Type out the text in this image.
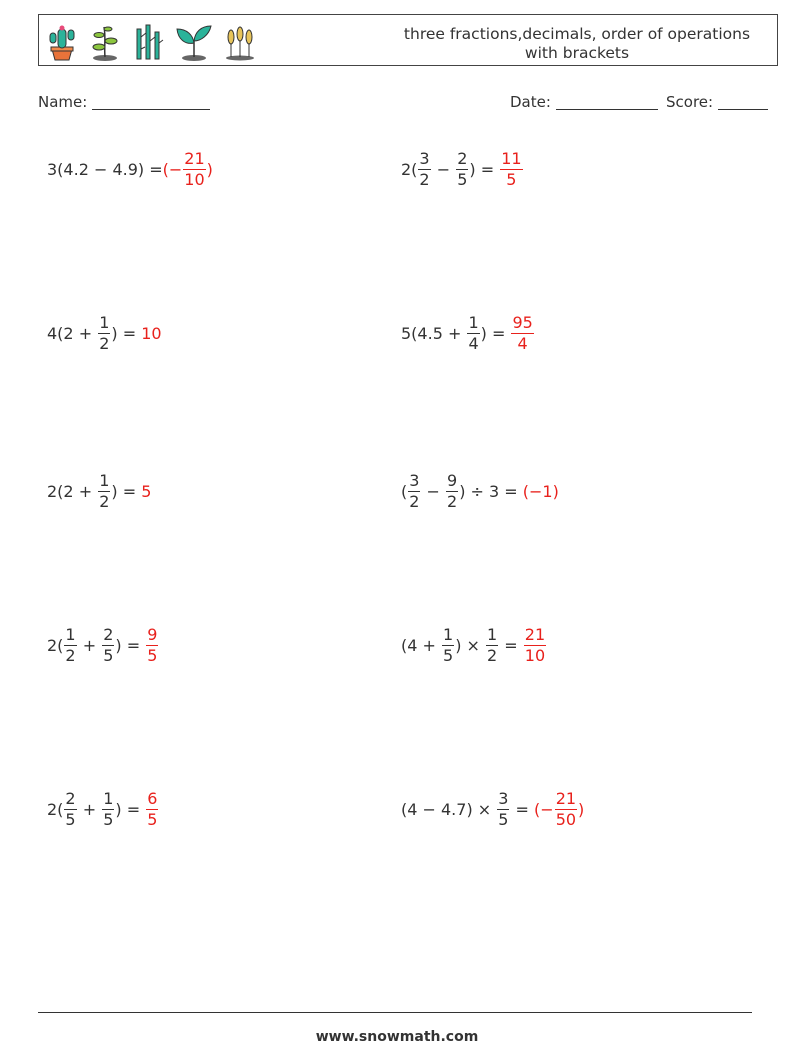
three fractions,decimals, order of operations
with brackets
Name:	Date:	Score:
3(4.2 − 4.9) = (− $\frac{21}{10}$ )	$2( \frac{3}{2} - \frac{2}{5}$ ) = $\frac{11}{5}$
$4(2 + \frac{1}{2}$ ) = 10	$5(4.5 + \frac{1}{4}$ ) = $\frac{95}{4}$
$2(2 + \frac{1}{2}$ ) = 5	( $\frac{3}{2} - \frac{9}{2}$ ) ÷ 3 = (−1)
$2( \frac{1}{2} + \frac{2}{5}$ ) = $\frac{9}{5}$	($4 + \frac{1}{5}$ ) × $\frac{1}{2} = \frac{21}{10}$
$2( \frac{2}{5} + \frac{1}{5}$ ) = $\frac{6}{5}$	$(4 - 4.7) \times \frac{3}{5}$ = (− $\frac{21}{50}$ )
www.snowmath.com
